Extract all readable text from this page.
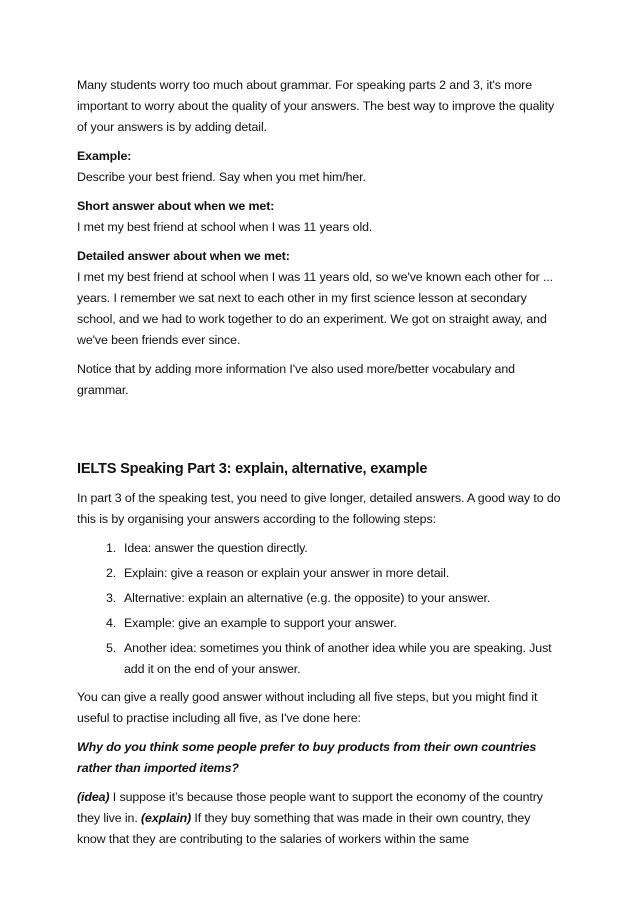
Many students worry too much about grammar. For speaking parts 2 and 3, it's more important to worry about the quality of your answers. The best way to improve the quality of your answers is by adding detail.

Example:
Describe your best friend. Say when you met him/her.

Short answer about when we met:
I met my best friend at school when I was 11 years old.

Detailed answer about when we met:
I met my best friend at school when I was 11 years old, so we've known each other for ... years. I remember we sat next to each other in my first science lesson at secondary school, and we had to work together to do an experiment. We got on straight away, and we've been friends ever since.

Notice that by adding more information I've also used more/better vocabulary and grammar.

IELTS Speaking Part 3: explain, alternative, example

In part 3 of the speaking test, you need to give longer, detailed answers. A good way to do this is by organising your answers according to the following steps:

1. Idea: answer the question directly.
2. Explain: give a reason or explain your answer in more detail.
3. Alternative: explain an alternative (e.g. the opposite) to your answer.
4. Example: give an example to support your answer.
5. Another idea: sometimes you think of another idea while you are speaking. Just add it on the end of your answer.

You can give a really good answer without including all five steps, but you might find it useful to practise including all five, as I've done here:

Why do you think some people prefer to buy products from their own countries rather than imported items?

(idea) I suppose it’s because those people want to support the economy of the country they live in. (explain) If they buy something that was made in their own country, they know that they are contributing to the salaries of workers within the same
